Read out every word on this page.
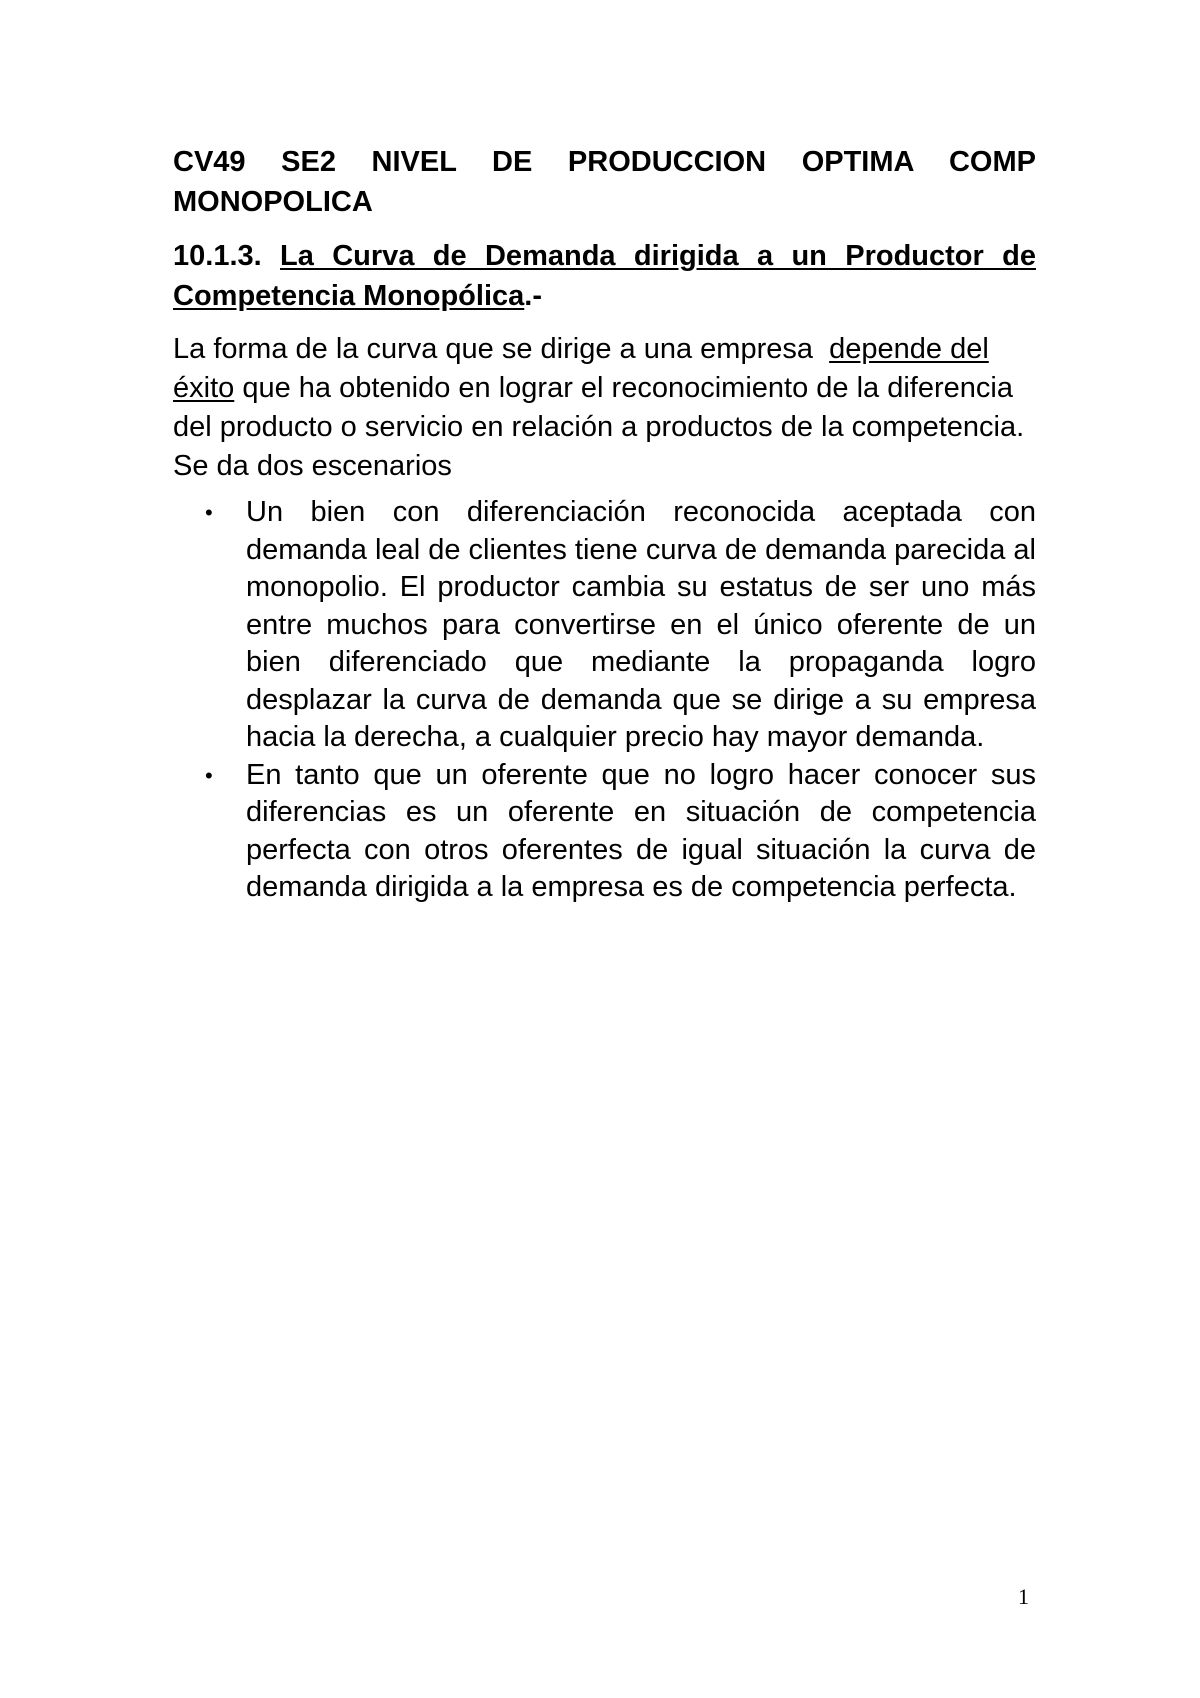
CV49 SE2 NIVEL DE PRODUCCION OPTIMA COMP MONOPOLICA

10.1.3. La Curva de Demanda dirigida a un Productor de Competencia Monopólica.-

La forma de la curva que se dirige a una empresa  depende del éxito que ha obtenido en lograr el reconocimiento de la diferencia del producto o servicio en relación a productos de la competencia. Se da dos escenarios

• Un bien con diferenciación reconocida aceptada con demanda leal de clientes tiene curva de demanda parecida al monopolio. El productor cambia su estatus de ser uno más entre muchos para convertirse en el único oferente de un bien diferenciado que mediante la propaganda logro desplazar la curva de demanda que se dirige a su empresa hacia la derecha, a cualquier precio hay mayor demanda.
• En tanto que un oferente que no logro hacer conocer sus diferencias es un oferente en situación de competencia perfecta con otros oferentes de igual situación la curva de demanda dirigida a la empresa es de competencia perfecta.
1
